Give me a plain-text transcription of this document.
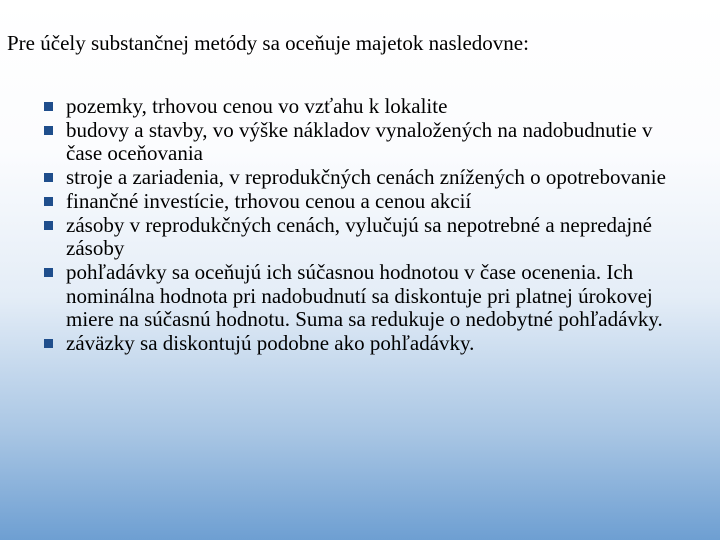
Pre účely substančnej metódy sa oceňuje majetok nasledovne:
pozemky, trhovou cenou vo vzťahu k lokalite
budovy a stavby, vo výške nákladov vynaložených na nadobudnutie v čase oceňovania
stroje a zariadenia, v reprodukčných cenách znížených o opotrebovanie
finančné investície, trhovou cenou a cenou akcií
zásoby v reprodukčných cenách, vylučujú sa nepotrebné a nepredajné zásoby
pohľadávky sa oceňujú ich súčasnou hodnotou v čase ocenenia. Ich nominálna hodnota pri nadobudnutí sa diskontuje pri platnej úrokovej miere na súčasnú hodnotu. Suma sa redukuje o nedobytné pohľadávky.
záväzky sa diskontujú podobne ako pohľadávky.
